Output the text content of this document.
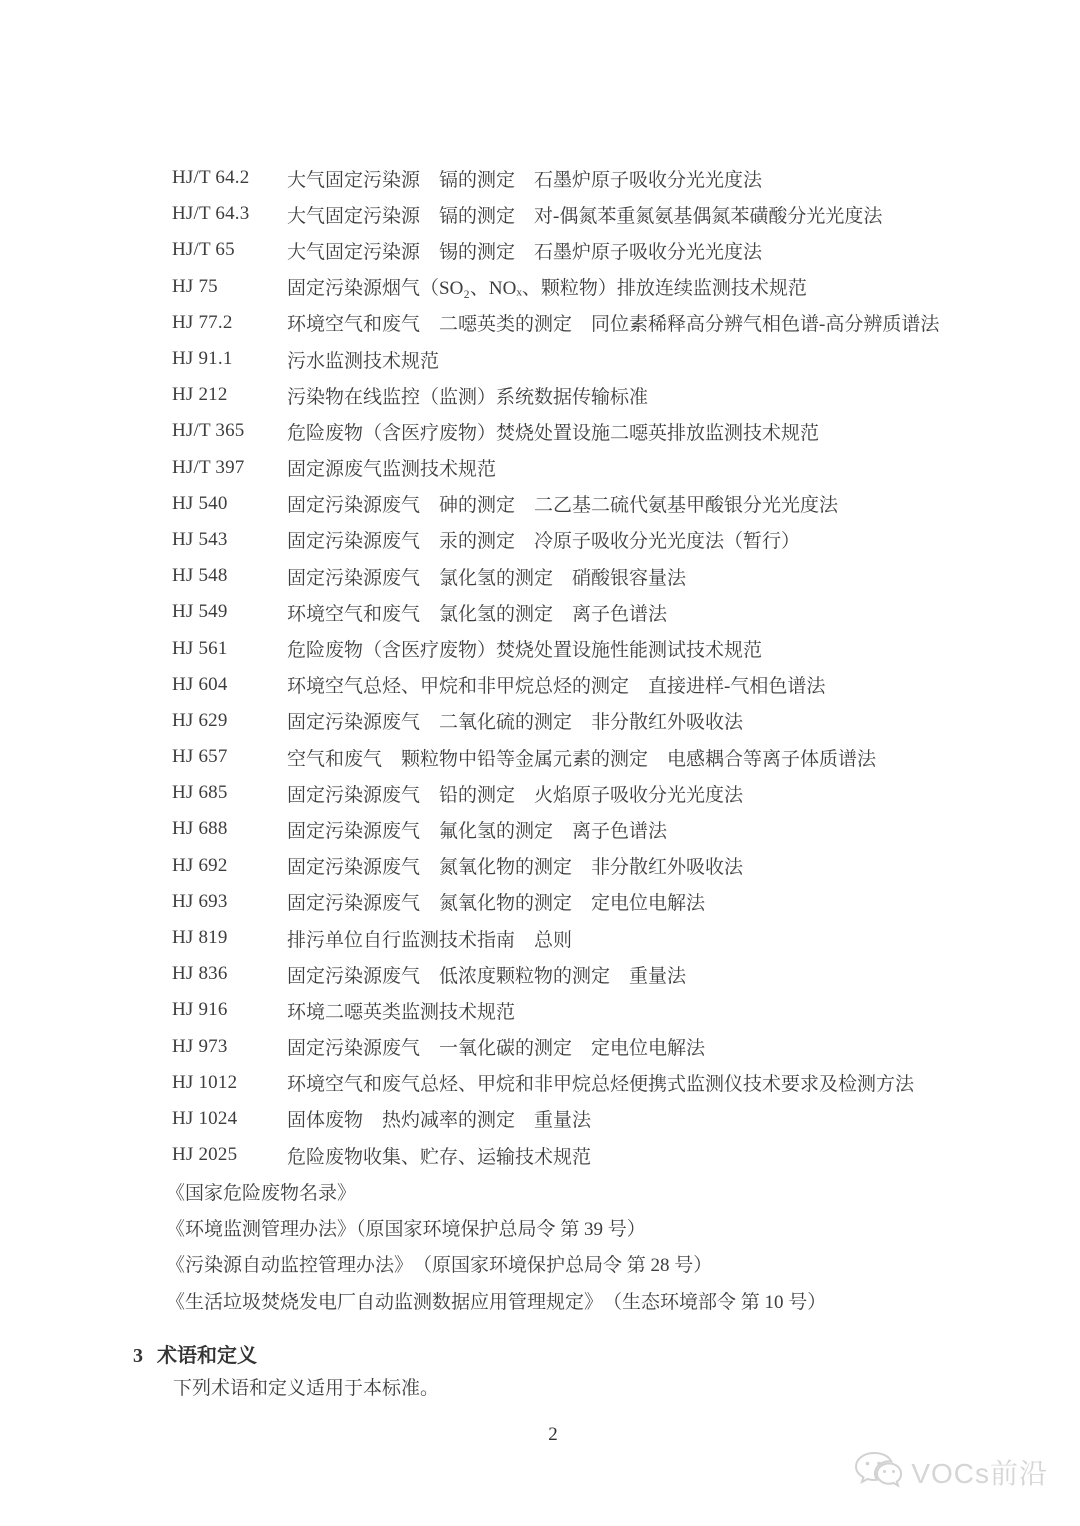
HJ/T 64.2	大气固定污染源　镉的测定　石墨炉原子吸收分光光度法
HJ/T 64.3	大气固定污染源　镉的测定　对-偶氮苯重氮氨基偶氮苯磺酸分光光度法
HJ/T 65	大气固定污染源　锡的测定　石墨炉原子吸收分光光度法
HJ 75	固定污染源烟气（SO₂、NOₓ、颗粒物）排放连续监测技术规范
HJ 77.2	环境空气和废气　二噁英类的测定　同位素稀释高分辨气相色谱-高分辨质谱法
HJ 91.1	污水监测技术规范
HJ 212	污染物在线监控（监测）系统数据传输标准
HJ/T 365	危险废物（含医疗废物）焚烧处置设施二噁英排放监测技术规范
HJ/T 397	固定源废气监测技术规范
HJ 540	固定污染源废气　砷的测定　二乙基二硫代氨基甲酸银分光光度法
HJ 543	固定污染源废气　汞的测定　冷原子吸收分光光度法（暂行）
HJ 548	固定污染源废气　氯化氢的测定　硝酸银容量法
HJ 549	环境空气和废气　氯化氢的测定　离子色谱法
HJ 561	危险废物（含医疗废物）焚烧处置设施性能测试技术规范
HJ 604	环境空气总烃、甲烷和非甲烷总烃的测定　直接进样-气相色谱法
HJ 629	固定污染源废气　二氧化硫的测定　非分散红外吸收法
HJ 657	空气和废气　颗粒物中铅等金属元素的测定　电感耦合等离子体质谱法
HJ 685	固定污染源废气　铅的测定　火焰原子吸收分光光度法
HJ 688	固定污染源废气　氟化氢的测定　离子色谱法
HJ 692	固定污染源废气　氮氧化物的测定　非分散红外吸收法
HJ 693	固定污染源废气　氮氧化物的测定　定电位电解法
HJ 819	排污单位自行监测技术指南　总则
HJ 836	固定污染源废气　低浓度颗粒物的测定　重量法
HJ 916	环境二噁英类监测技术规范
HJ 973	固定污染源废气　一氧化碳的测定　定电位电解法
HJ 1012	环境空气和废气总烃、甲烷和非甲烷总烃便携式监测仪技术要求及检测方法
HJ 1024	固体废物　热灼减率的测定　重量法
HJ 2025	危险废物收集、贮存、运输技术规范
《国家危险废物名录》
《环境监测管理办法》（原国家环境保护总局令 第 39 号）
《污染源自动监控管理办法》　（原国家环境保护总局令 第 28 号）
《生活垃圾焚烧发电厂自动监测数据应用管理规定》　（生态环境部令 第 10 号）
3 术语和定义
下列术语和定义适用于本标准。
2
VOCs前沿
